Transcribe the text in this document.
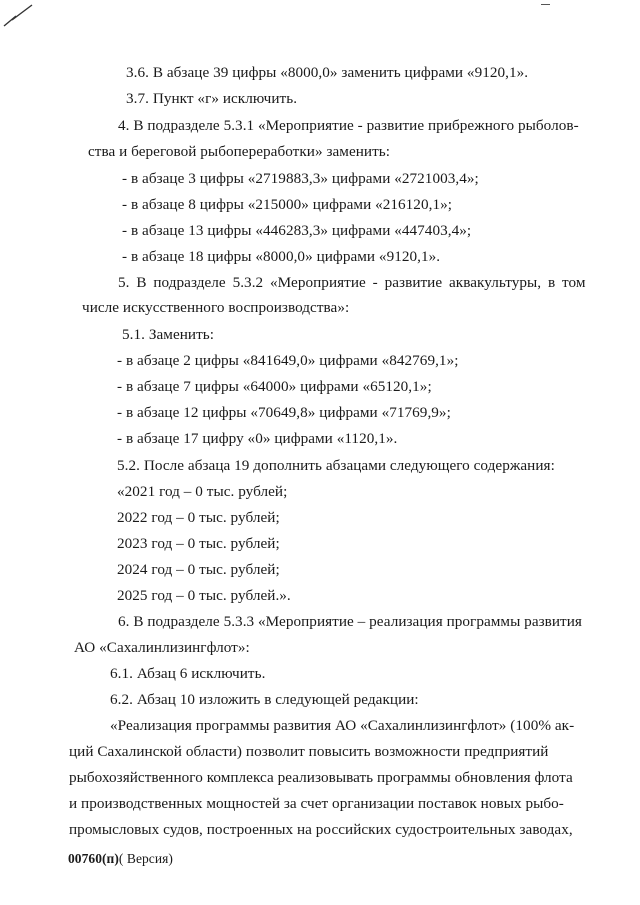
3.6. В абзаце 39 цифры «8000,0» заменить цифрами «9120,1».
3.7. Пункт «г» исключить.
4. В подразделе 5.3.1 «Мероприятие - развитие прибрежного рыболов-
ства и береговой рыбопереработки» заменить:
- в абзаце 3 цифры «2719883,3» цифрами «2721003,4»;
- в абзаце 8 цифры «215000» цифрами «216120,1»;
- в абзаце 13 цифры «446283,3» цифрами «447403,4»;
- в абзаце 18 цифры «8000,0» цифрами «9120,1».
5. В подразделе 5.3.2 «Мероприятие - развитие аквакультуры, в том
числе искусственного воспроизводства»:
5.1. Заменить:
- в абзаце 2 цифры «841649,0» цифрами «842769,1»;
- в абзаце 7 цифры «64000» цифрами «65120,1»;
- в абзаце 12 цифры «70649,8» цифрами «71769,9»;
- в абзаце 17 цифру «0» цифрами «1120,1».
5.2. После абзаца 19 дополнить абзацами следующего содержания:
«2021 год – 0 тыс. рублей;
2022 год – 0 тыс. рублей;
2023 год – 0 тыс. рублей;
2024 год – 0 тыс. рублей;
2025 год – 0 тыс. рублей.».
6. В подразделе 5.3.3 «Мероприятие – реализация программы развития
АО «Сахалинлизингфлот»:
6.1. Абзац 6 исключить.
6.2. Абзац 10 изложить в следующей редакции:
«Реализация программы развития АО «Сахалинлизингфлот» (100% ак-
ций Сахалинской области) позволит повысить возможности предприятий
рыбохозяйственного комплекса реализовывать программы обновления флота
и производственных мощностей за счет организации поставок новых рыбо-
промысловых судов, построенных на российских судостроительных заводах,
00760(п)( Версия)
